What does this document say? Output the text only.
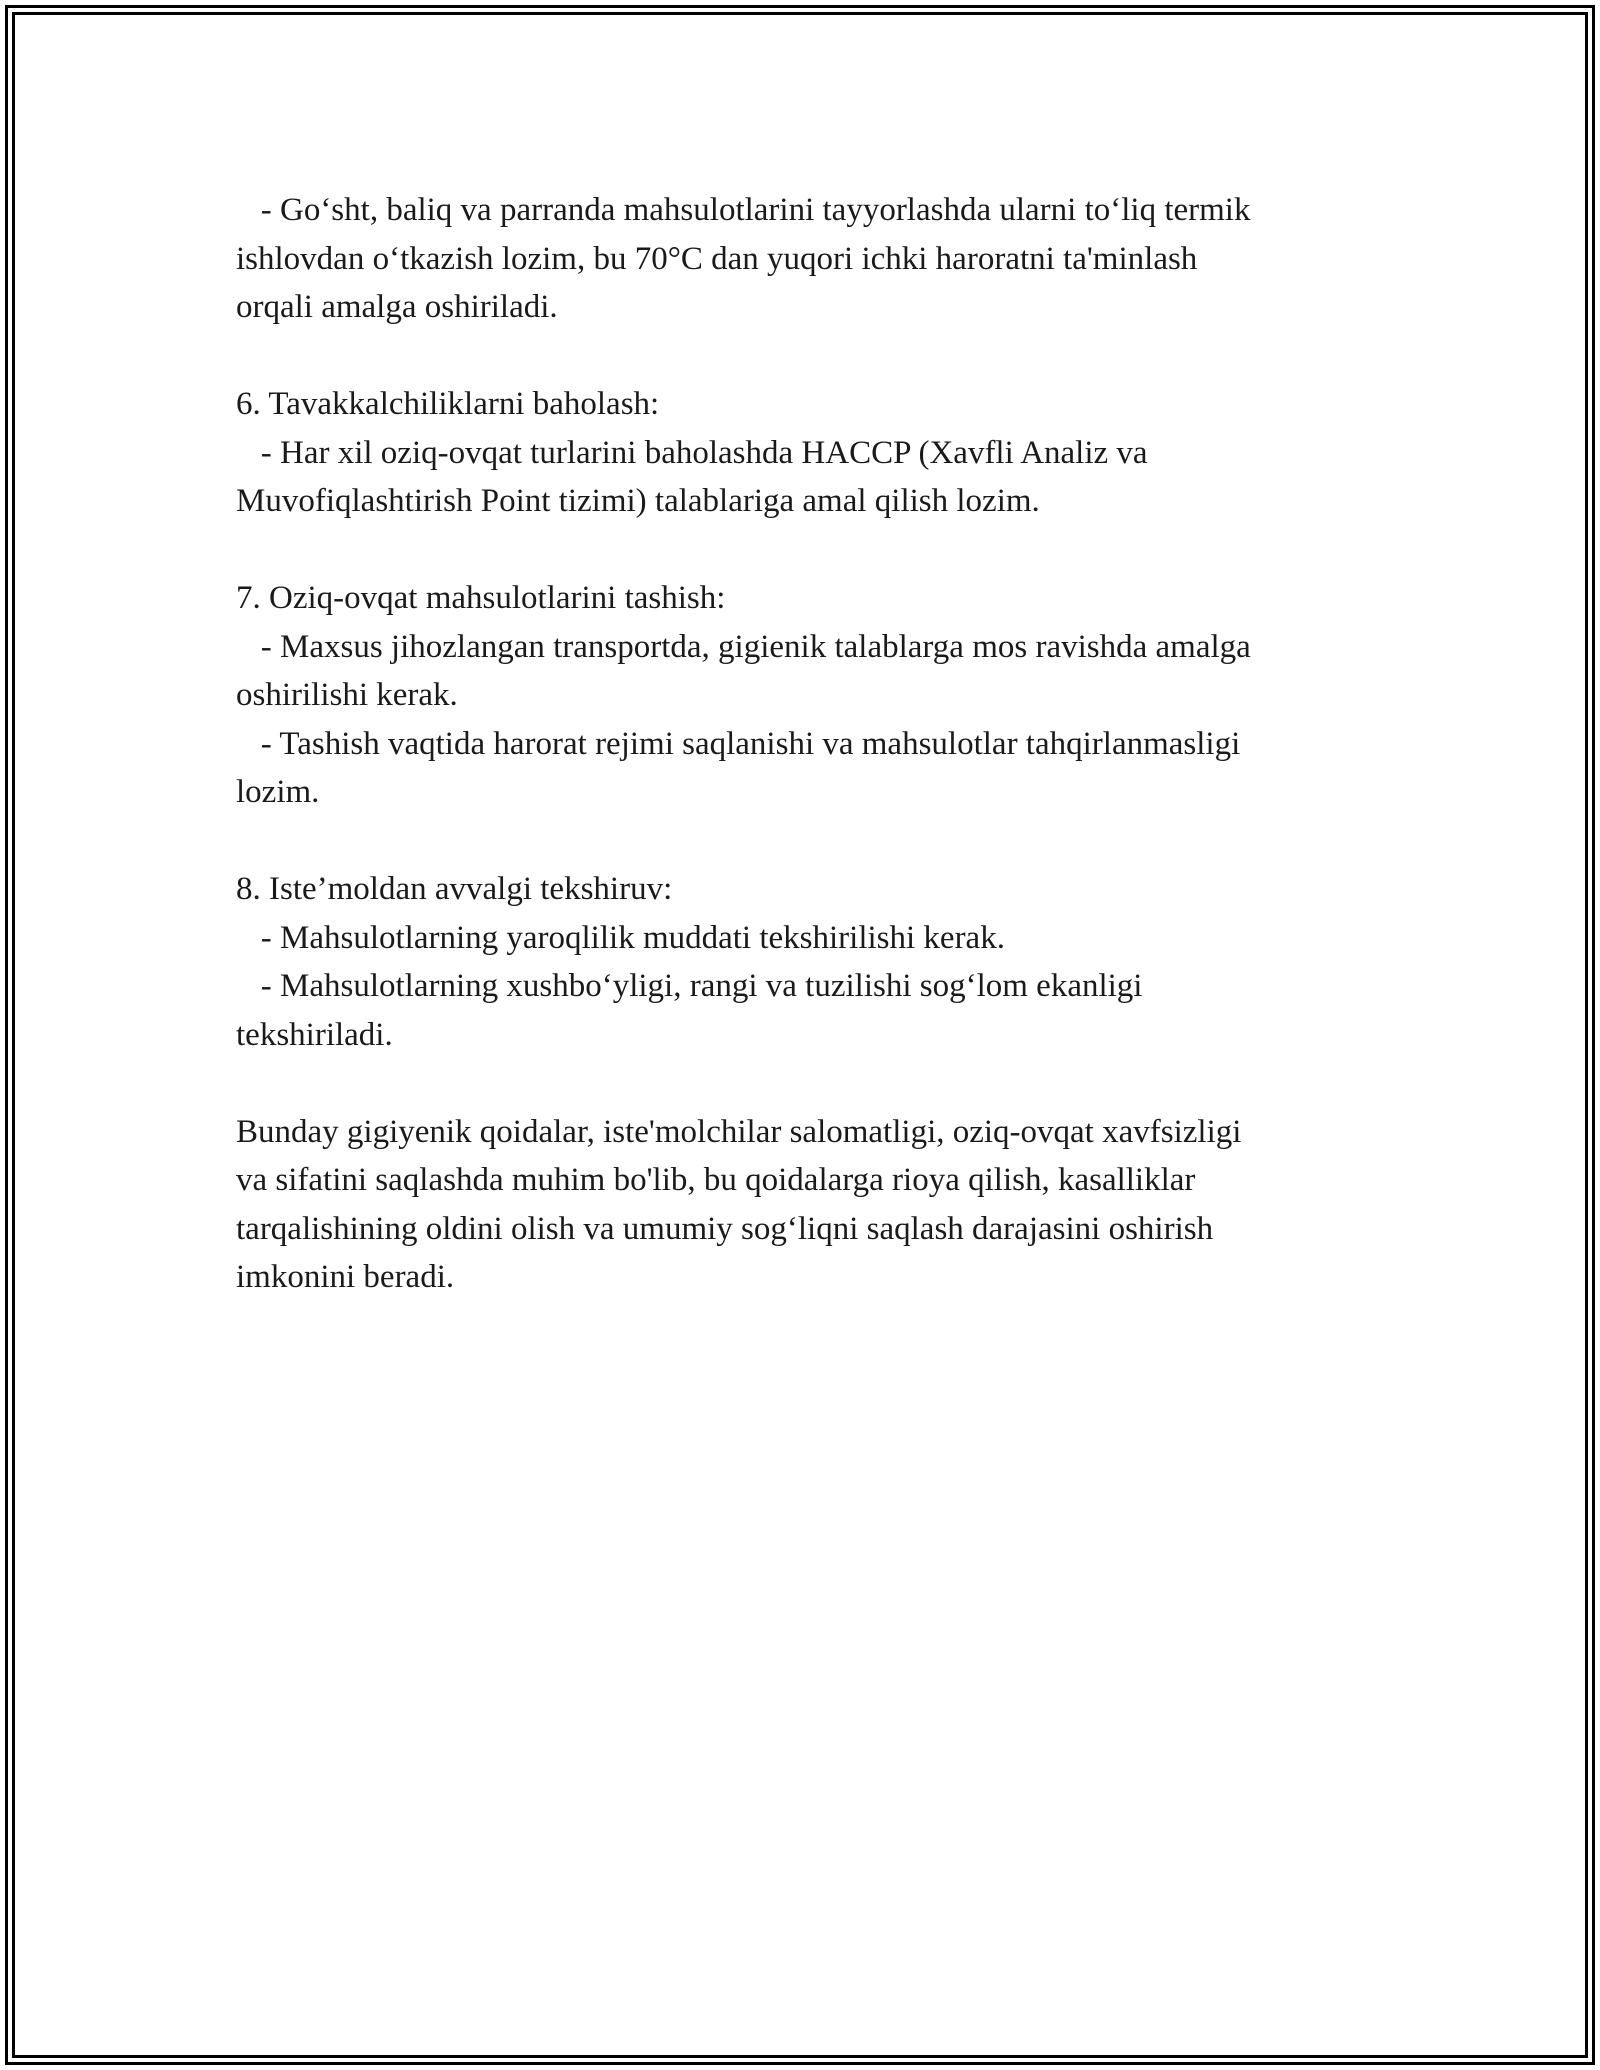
- Go‘sht, baliq va parranda mahsulotlarini tayyorlashda ularni to‘liq termik
ishlovdan o‘tkazish lozim, bu 70°C dan yuqori ichki haroratni ta'minlash
orqali amalga oshiriladi.
6. Tavakkalchiliklarni baholash:
- Har xil oziq-ovqat turlarini baholashda HACCP (Xavfli Analiz va
Muvofiqlashtirish Point tizimi) talablariga amal qilish lozim.
7. Oziq-ovqat mahsulotlarini tashish:
- Maxsus jihozlangan transportda, gigienik talablarga mos ravishda amalga
oshirilishi kerak.
- Tashish vaqtida harorat rejimi saqlanishi va mahsulotlar tahqirlanmasligi
lozim.
8. Iste’moldan avvalgi tekshiruv:
- Mahsulotlarning yaroqlilik muddati tekshirilishi kerak.
- Mahsulotlarning xushbo‘yligi, rangi va tuzilishi sog‘lom ekanligi
tekshiriladi.
Bunday gigiyenik qoidalar, iste'molchilar salomatligi, oziq-ovqat xavfsizligi
va sifatini saqlashda muhim bo'lib, bu qoidalarga rioya qilish, kasalliklar
tarqalishining oldini olish va umumiy sog‘liqni saqlash darajasini oshirish
imkonini beradi.
